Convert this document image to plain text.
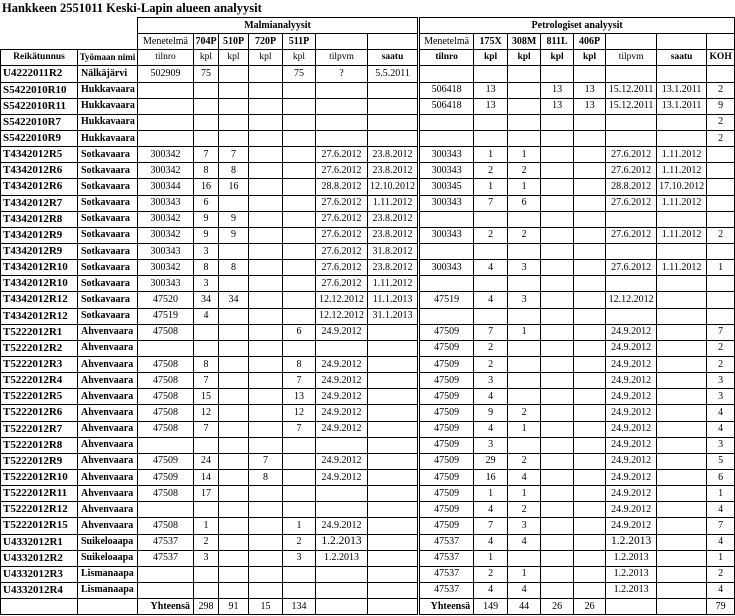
Hankkeen 2551011 Keski-Lapin alueen analyysit
		Malmianalyysit							Petrologiset analyysit							
		Menetelmä	704P	510P	720P	511P			Menetelmä	175X	308M	811L	406P			
Reikätunnus	Työmaan nimi	tilnro	kpl	kpl	kpl	kpl	tilpvm	saatu	tilnro	kpl	kpl	kpl	kpl	tilpvm	saatu	KOH
U4222011R2	Nälkäjärvi	502909	75			75	?	5.5.2011								
S5422010R10	Hukkavaara								506418	13		13	13	15.12.2011	13.1.2011	2
S5422010R11	Hukkavaara								506418	13		13	13	15.12.2011	13.1.2011	9
S5422010R7	Hukkavaara															2
S5422010R9	Hukkavaara															2
T4342012R5	Sotkavaara	300342	7	7			27.6.2012	23.8.2012	300343	1	1			27.6.2012	1.11.2012	
T4342012R6	Sotkavaara	300342	8	8			27.6.2012	23.8.2012	300343	2	2			27.6.2012	1.11.2012	
T4342012R6	Sotkavaara	300344	16	16			28.8.2012	12.10.2012	300345	1	1			28.8.2012	17.10.2012	
T4342012R7	Sotkavaara	300343	6				27.6.2012	1.11.2012	300343	7	6			27.6.2012	1.11.2012	
T4342012R8	Sotkavaara	300342	9	9			27.6.2012	23.8.2012								
T4342012R9	Sotkavaara	300342	9	9			27.6.2012	23.8.2012	300343	2	2			27.6.2012	1.11.2012	2
T4342012R9	Sotkavaara	300343	3				27.6.2012	31.8.2012								
T4342012R10	Sotkavaara	300342	8	8			27.6.2012	23.8.2012	300343	4	3			27.6.2012	1.11.2012	1
T4342012R10	Sotkavaara	300343	3				27.6.2012	1.11.2012								
T4342012R12	Sotkavaara	47520	34	34			12.12.2012	11.1.2013	47519	4	3			12.12.2012		
T4342012R12	Sotkavaara	47519	4				12.12.2012	31.1.2013								
T5222012R1	Ahvenvaara	47508				6	24.9.2012		47509	7	1			24.9.2012		7
T5222012R2	Ahvenvaara								47509	2				24.9.2012		2
T5222012R3	Ahvenvaara	47508	8			8	24.9.2012		47509	2				24.9.2012		2
T5222012R4	Ahvenvaara	47508	7			7	24.9.2012		47509	3				24.9.2012		3
T5222012R5	Ahvenvaara	47508	15			13	24.9.2012		47509	4				24.9.2012		3
T5222012R6	Ahvenvaara	47508	12			12	24.9.2012		47509	9	2			24.9.2012		4
T5222012R7	Ahvenvaara	47508	7			7	24.9.2012		47509	4	1			24.9.2012		4
T5222012R8	Ahvenvaara								47509	3				24.9.2012		3
T5222012R9	Ahvenvaara	47509	24		7		24.9.2012		47509	29	2			24.9.2012		5
T5222012R10	Ahvenvaara	47509	14		8		24.9.2012		47509	16	4			24.9.2012		6
T5222012R11	Ahvenvaara	47508	17						47509	1	1			24.9.2012		1
T5222012R12	Ahvenvaara								47509	4	2			24.9.2012		4
T5222012R15	Ahvenvaara	47508	1			1	24.9.2012		47509	7	3			24.9.2012		7
U4332012R1	Suikeloaapa	47537	2			2	1.2.2013		47537	4	4			1.2.2013		4
U4332012R2	Suikeloaapa	47537	3			3	1.2.2013		47537	1				1.2.2013		1
U4332012R3	Lismanaapa								47537	2	1			1.2.2013		2
U4332012R4	Lismanaapa								47537	4	4			1.2.2013		4
		Yhteensä	298	91	15	134			Yhteensä	149	44	26	26			79
